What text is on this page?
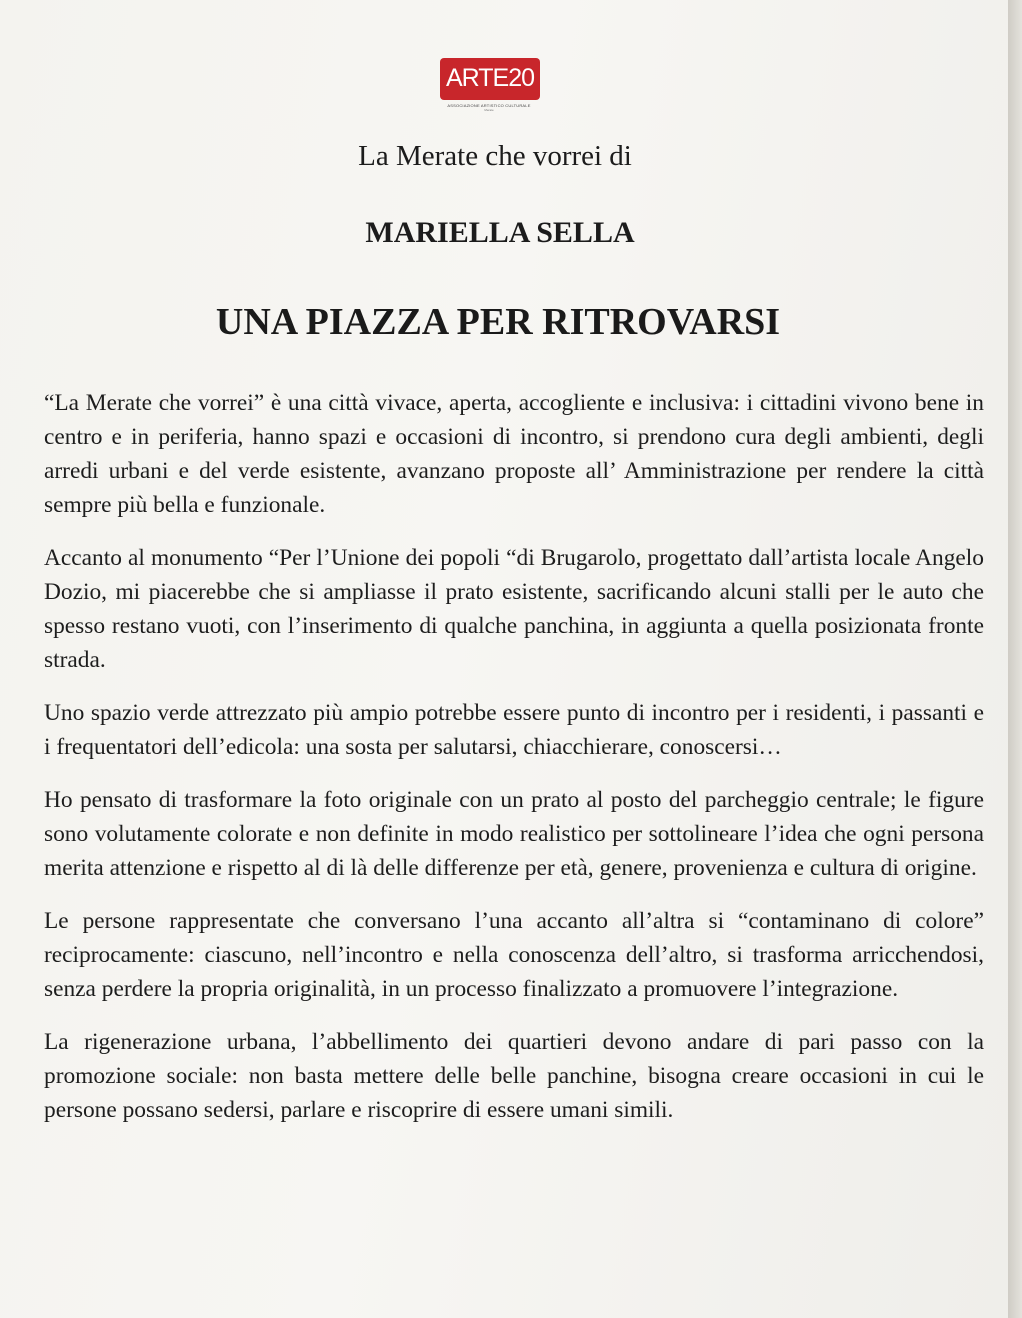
ARTE20
ASSOCIAZIONE ARTISTICO CULTURALE
Merate
La Merate che vorrei di
MARIELLA SELLA
UNA PIAZZA PER RITROVARSI

“La Merate che vorrei” è una città vivace, aperta, accogliente e inclusiva: i cittadini vivono bene in centro e in periferia, hanno spazi e occasioni di incontro, si prendono cura degli ambienti, degli arredi urbani e del verde esistente, avanzano proposte all’ Amministrazione per rendere la città sempre più bella e funzionale.

Accanto al monumento “Per l’Unione dei popoli “di Brugarolo, progettato dall’artista locale Angelo Dozio, mi piacerebbe che si ampliasse il prato esistente, sacrificando alcuni stalli per le auto che spesso restano vuoti, con l’inserimento di qualche panchina, in aggiunta a quella posizionata fronte strada.

Uno spazio verde attrezzato più ampio potrebbe essere punto di incontro per i residenti, i passanti e i frequentatori dell’edicola: una sosta per salutarsi, chiacchierare, conoscersi…

Ho pensato di trasformare la foto originale con un prato al posto del parcheggio centrale; le figure sono volutamente colorate e non definite in modo realistico per sottolineare l’idea che ogni persona merita attenzione e rispetto al di là delle differenze per età, genere, provenienza e cultura di origine.

Le persone rappresentate che conversano l’una accanto all’altra si “contaminano di colore” reciprocamente: ciascuno, nell’incontro e nella conoscenza dell’altro, si trasforma arricchendosi, senza perdere la propria originalità, in un processo finalizzato a promuovere l’integrazione.

La rigenerazione urbana, l’abbellimento dei quartieri devono andare di pari passo con la promozione sociale: non basta mettere delle belle panchine, bisogna creare occasioni in cui le persone possano sedersi, parlare e riscoprire di essere umani simili.
